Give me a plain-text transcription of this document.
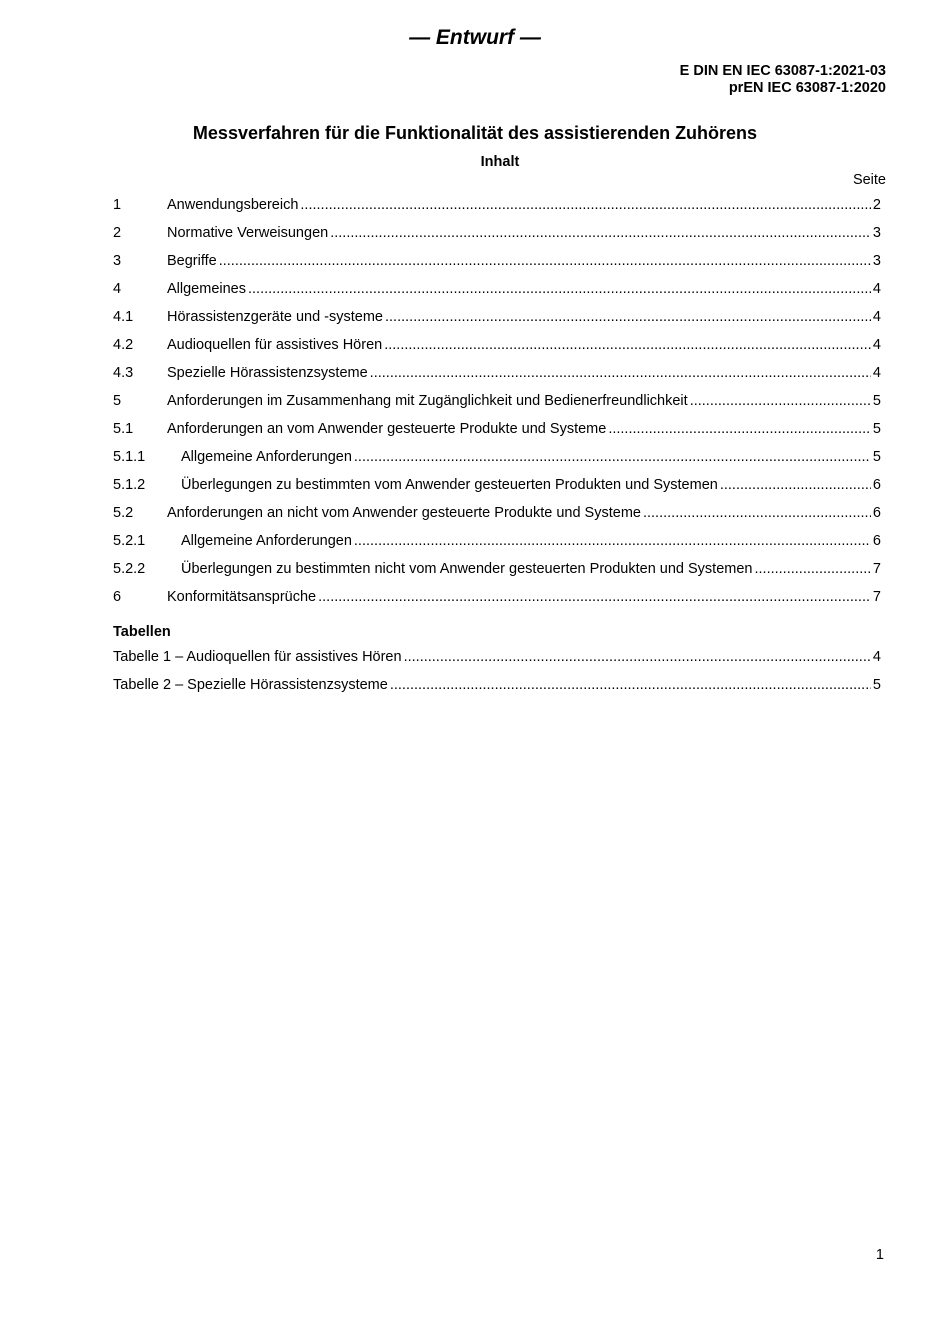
— Entwurf —
E DIN EN IEC 63087-1:2021-03
prEN IEC 63087-1:2020
Messverfahren für die Funktionalität des assistierenden Zuhörens
Inhalt
Seite
1	Anwendungsbereich .....	2
2	Normative Verweisungen .....	3
3	Begriffe .....	3
4	Allgemeines .....	4
4.1	Hörassistenzgeräte und -systeme .....	4
4.2	Audioquellen für assistives Hören .....	4
4.3	Spezielle Hörassistenzsysteme .....	4
5	Anforderungen im Zusammenhang mit Zugänglichkeit und Bedienerfreundlichkeit .....	5
5.1	Anforderungen an vom Anwender gesteuerte Produkte und Systeme .....	5
5.1.1	Allgemeine Anforderungen .....	5
5.1.2	Überlegungen zu bestimmten vom Anwender gesteuerten Produkten und Systemen .....	6
5.2	Anforderungen an nicht vom Anwender gesteuerte Produkte und Systeme .....	6
5.2.1	Allgemeine Anforderungen .....	6
5.2.2	Überlegungen zu bestimmten nicht vom Anwender gesteuerten Produkten und Systemen .....	7
6	Konformitätsansprüche .....	7
Tabellen
Tabelle 1 – Audioquellen für assistives Hören .....	4
Tabelle 2 – Spezielle Hörassistenzsysteme .....	5
1
